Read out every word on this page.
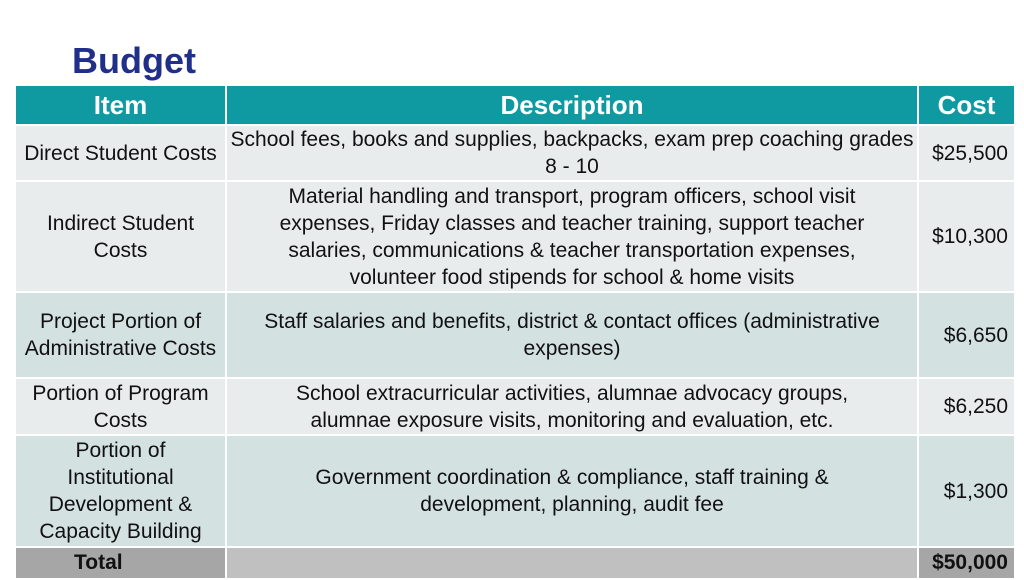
Budget
Item	Description	Cost
Direct Student Costs	School fees, books and supplies, backpacks, exam prep coaching grades 8 - 10	$25,500
Indirect Student Costs	Material handling and transport, program officers, school visit expenses, Friday classes and teacher training, support teacher salaries, communications & teacher transportation expenses, volunteer food stipends for school & home visits	$10,300
Project Portion of Administrative Costs	Staff salaries and benefits, district & contact offices (administrative expenses)	$6,650
Portion of Program Costs	School extracurricular activities, alumnae advocacy groups, alumnae exposure visits, monitoring and evaluation, etc.	$6,250
Portion of Institutional Development & Capacity Building	Government coordination & compliance, staff training & development, planning, audit fee	$1,300
Total		$50,000
